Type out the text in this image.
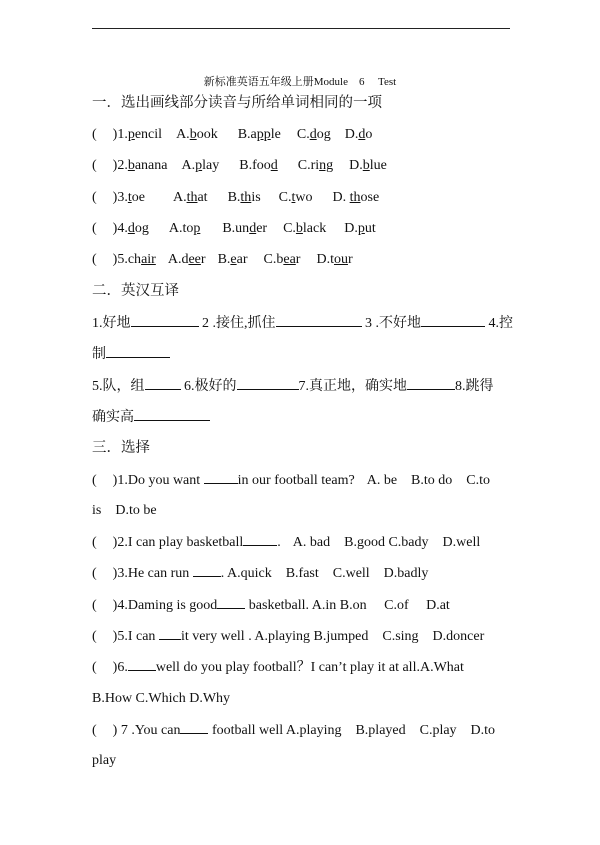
新标准英语五年级上册Module　6　 Test
一．选出画线部分读音与所给单词相同的一项
( )1.pencil A.book B.apple C.dog D.do
( )2.banana A.play B.food C.ring D.blue
( )3.toe A.that B.this C.two D. those
( )4.dog A.top B.under C.black D.put
( )5.chair A.deer B.ear C.bear D.tour
二．英汉互译
1.好地	2 .接住,抓住	3 .不好地	4.控
制
5.队，组	6.极好的	7.真正地，确实地	8.跳得
确实高
三．选择
( )1.Do you want in our football team? A. be　B.to do　C.to
is　D.to be
( )2.I can play basketball . A. bad　B.good C.bady　D.well
( )3.He can run . A.quick　B.fast　C.well　D.badly
( )4.Daming is good basketball. A.in B.on　 C.of　 D.at
( )5.I can it very well . A.playing B.jumped　C.sing　D.doncer
( )6. well do you play football？I can’t play it at all.A.What
B.How C.Which D.Why
( ) 7 .You can football well A.playing　B.played　C.play　D.to
play
